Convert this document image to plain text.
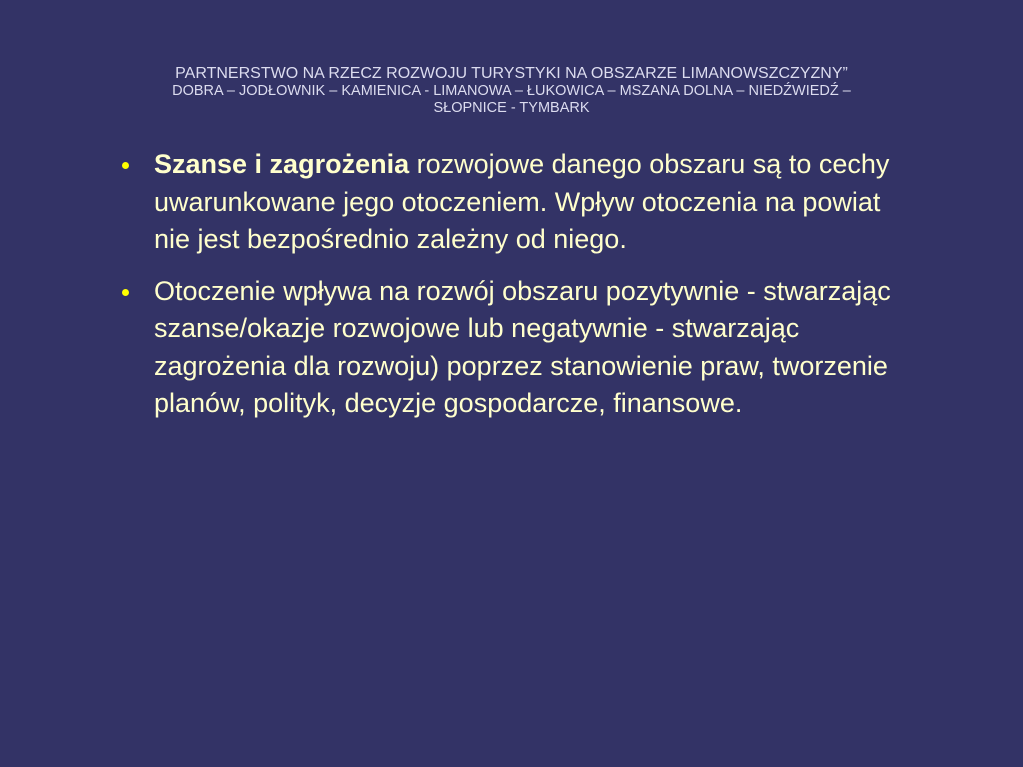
PARTNERSTWO NA RZECZ ROZWOJU TURYSTYKI NA OBSZARZE LIMANOWSZCZYZNY”
DOBRA – JODŁOWNIK – KAMIENICA - LIMANOWA – ŁUKOWICA – MSZANA DOLNA – NIEDŹWIEDŹ –
SŁOPNICE - TYMBARK
Szanse i zagrożenia rozwojowe danego obszaru są to cechy uwarunkowane jego otoczeniem. Wpływ otoczenia na powiat nie jest bezpośrednio zależny od niego.
Otoczenie wpływa na rozwój obszaru pozytywnie - stwarzając szanse/okazje rozwojowe lub negatywnie - stwarzając zagrożenia dla rozwoju) poprzez stanowienie praw, tworzenie planów, polityk, decyzje gospodarcze, finansowe.
